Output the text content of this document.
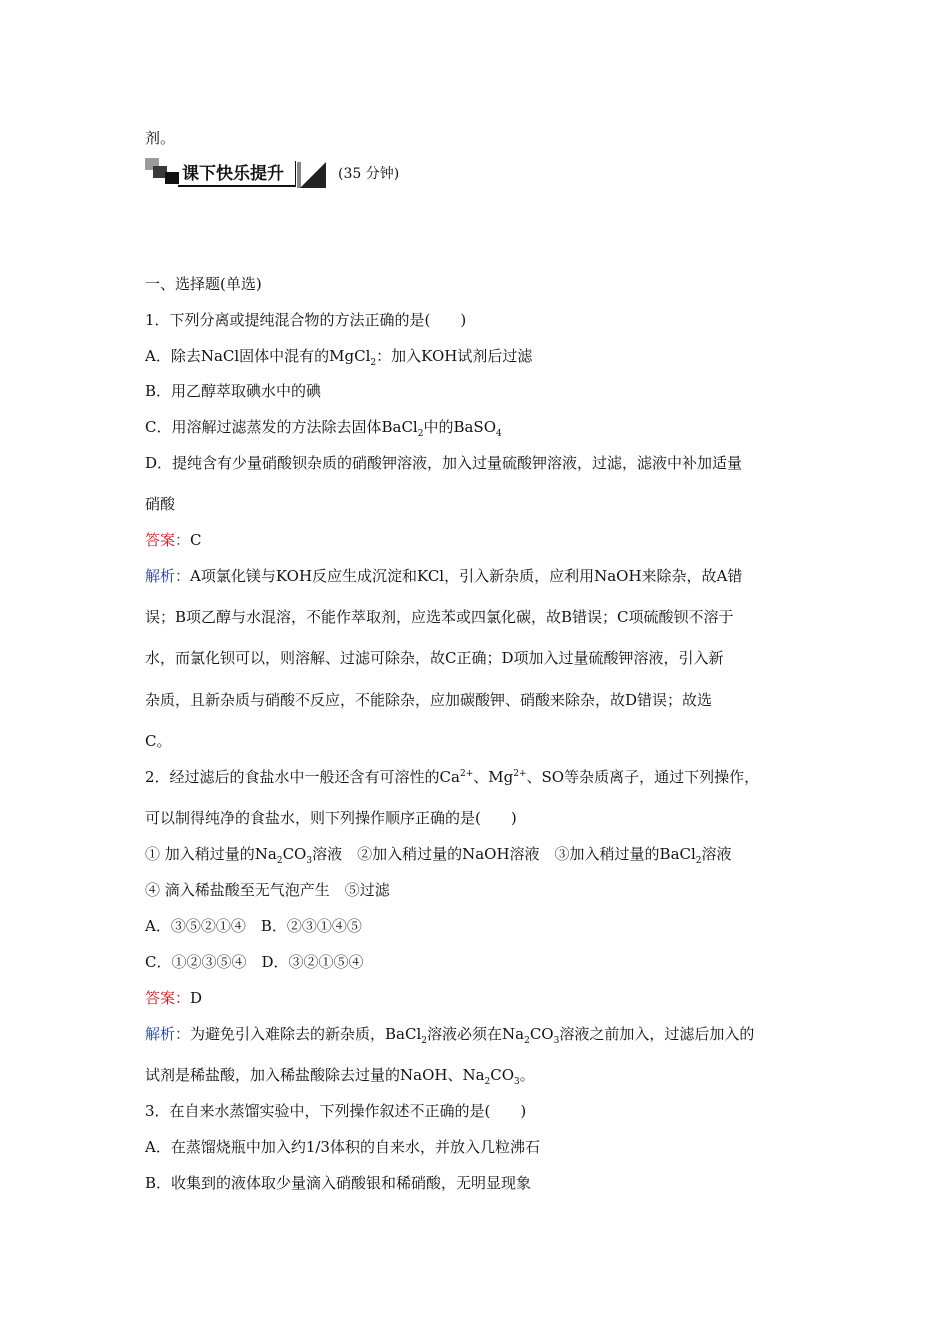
剂。
课下快乐提升	(35 分钟)
一、选择题(单选)
1．下列分离或提纯混合物的方法正确的是(　　)
A．除去NaCl固体中混有的MgCl$_2$：加入KOH试剂后过滤
B．用乙醇萃取碘水中的碘
C．用溶解过滤蒸发的方法除去固体BaCl$_2$中的BaSO$_4$
D．提纯含有少量硝酸钡杂质的硝酸钾溶液，加入过量硫酸钾溶液，过滤，滤液中补加适量
硝酸
答案：C
解析：A项氯化镁与KOH反应生成沉淀和KCl，引入新杂质，应利用NaOH来除杂，故A错
误；B项乙醇与水混溶，不能作萃取剂，应选苯或四氯化碳，故B错误；C项硫酸钡不溶于
水，而氯化钡可以，则溶解、过滤可除杂，故C正确；D项加入过量硫酸钾溶液，引入新
杂质，且新杂质与硝酸不反应，不能除杂，应加碳酸钾、硝酸来除杂，故D错误；故选
C。
2．经过滤后的食盐水中一般还含有可溶性的$Ca^{2+}$、$Mg^{2+}$、SO等杂质离子，通过下列操作，
可以制得纯净的食盐水，则下列操作顺序正确的是(　　)
① 加入稍过量的$Na_2CO_3$溶液　②加入稍过量的NaOH溶液　③加入稍过量的BaCl$_2$溶液
④ 滴入稀盐酸至无气泡产生　⑤过滤
A．③⑤②①④　B．②③①④⑤
C．①②③⑤④　D．③②①⑤④
答案：D
解析：为避免引入难除去的新杂质，BaCl$_2$溶液必须在$Na_2CO_3$溶液之前加入，过滤后加入的
试剂是稀盐酸，加入稀盐酸除去过量的NaOH、$Na_2CO_3$。
3．在自来水蒸馏实验中，下列操作叙述不正确的是(　　)
A．在蒸馏烧瓶中加入约1/3体积的自来水，并放入几粒沸石
B．收集到的液体取少量滴入硝酸银和稀硝酸，无明显现象
